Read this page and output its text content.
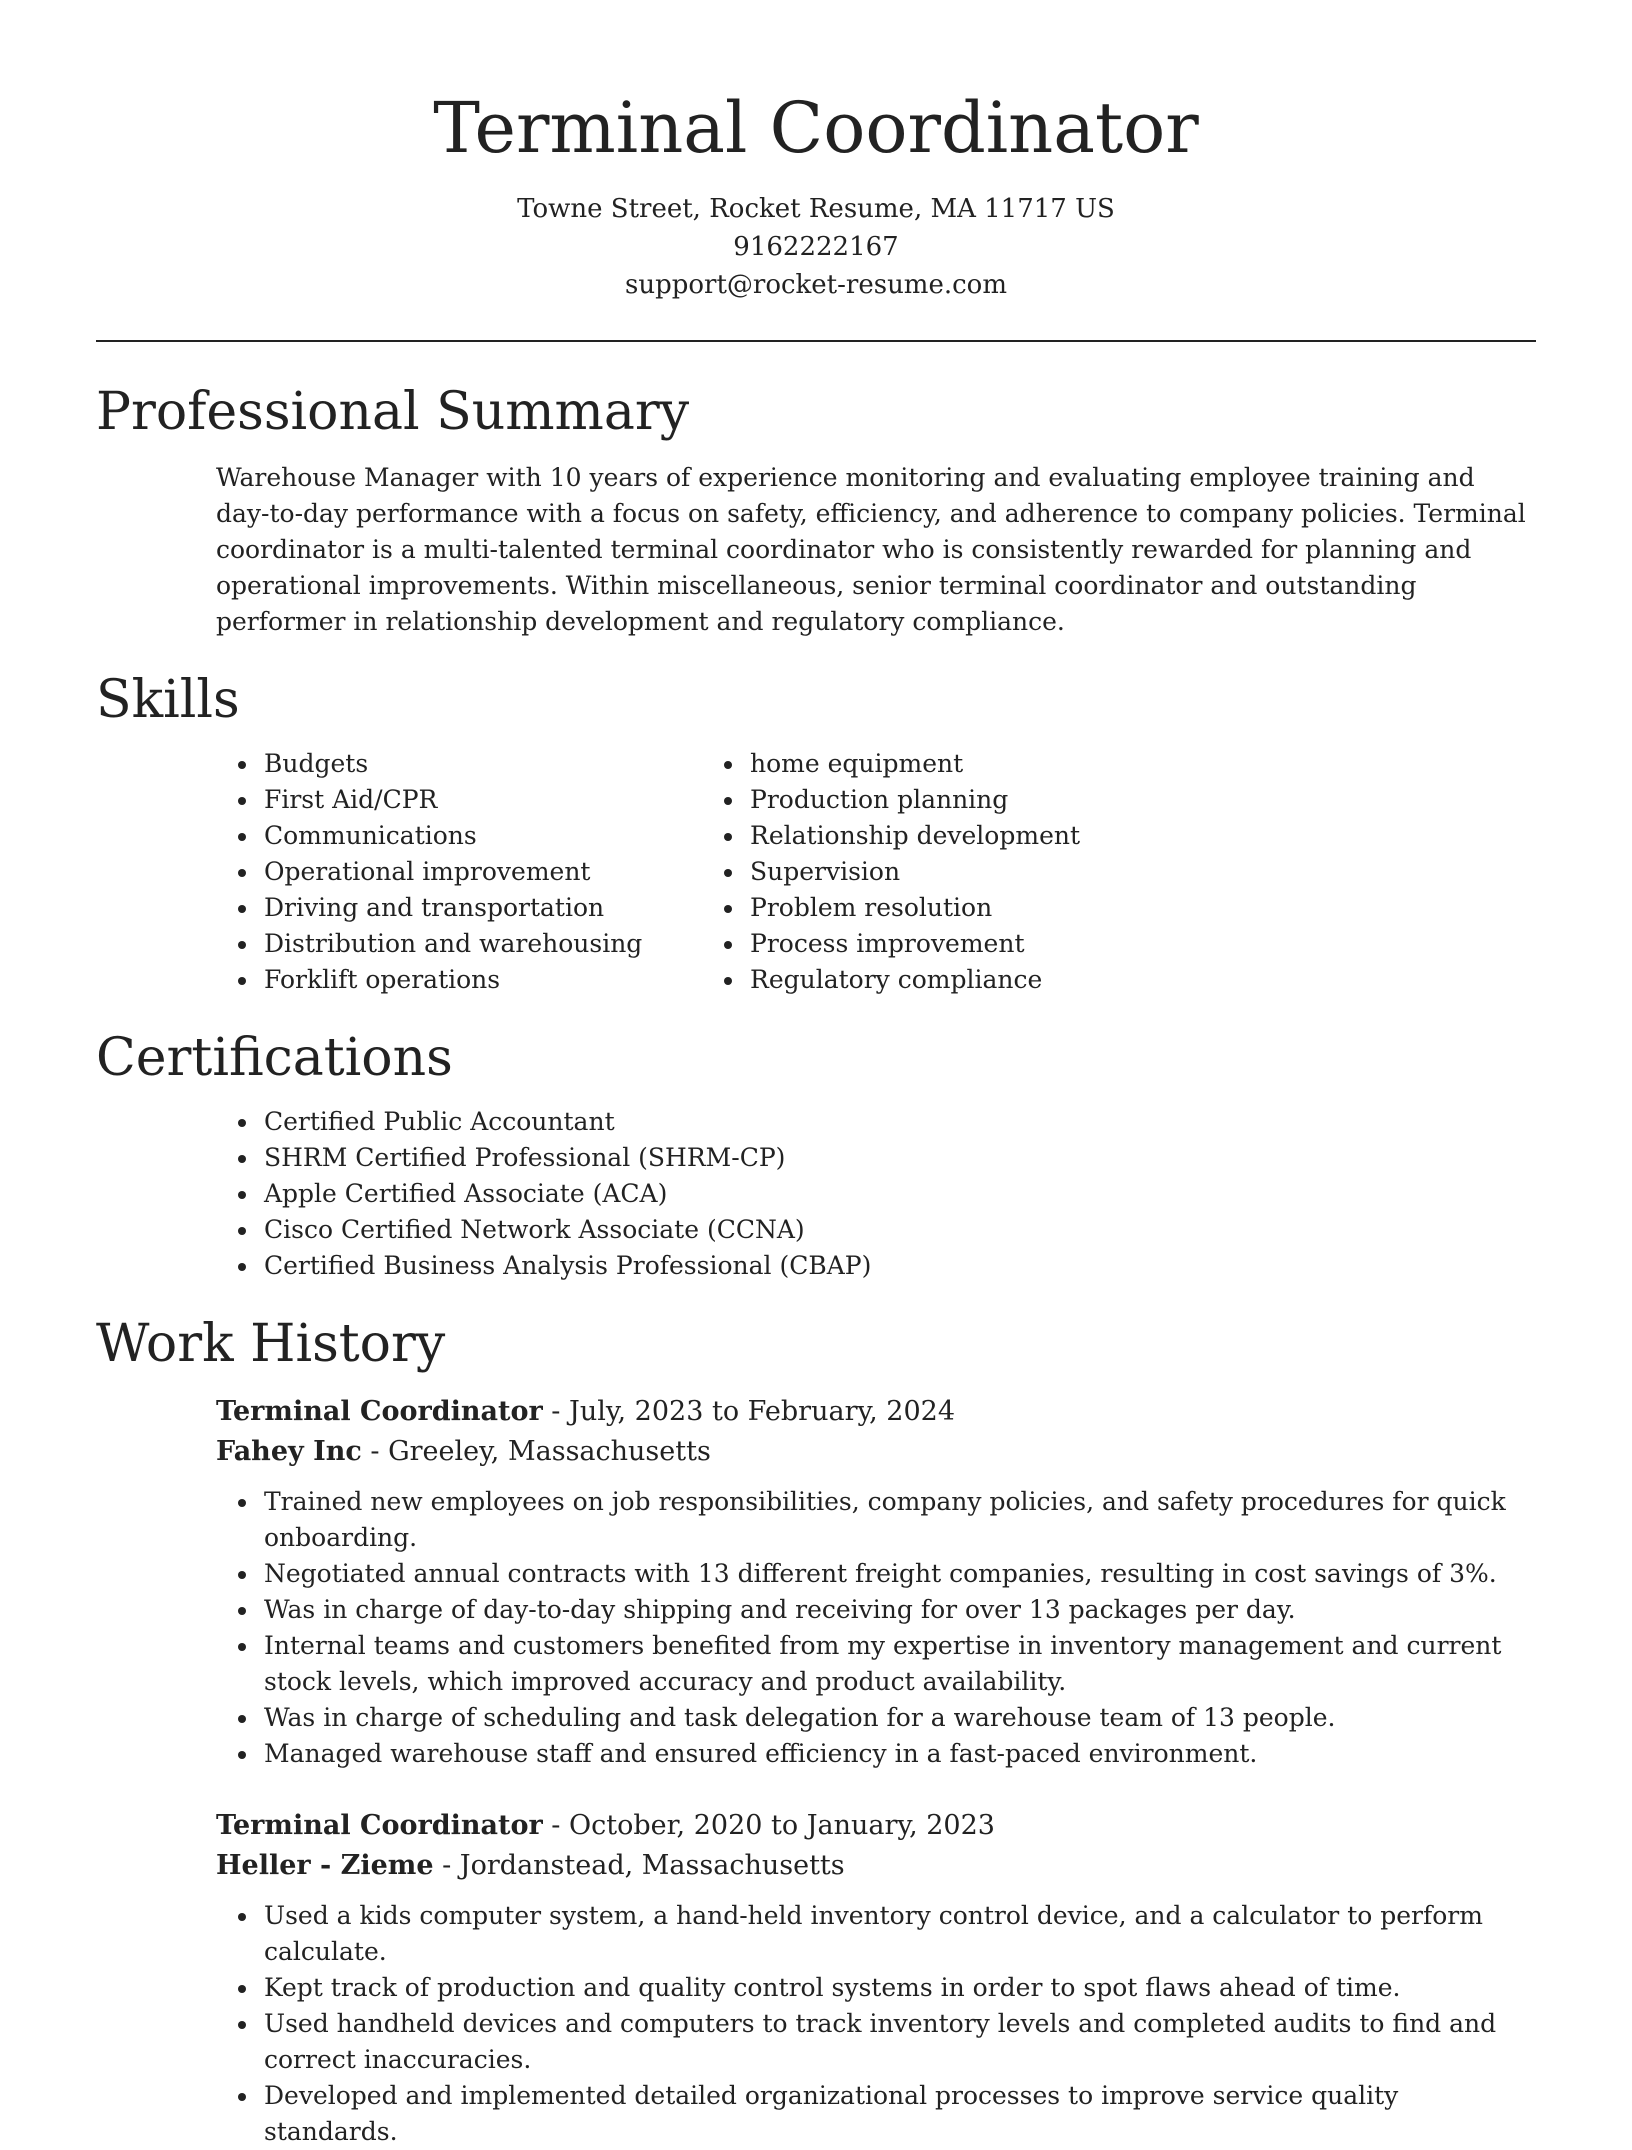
Terminal Coordinator
Towne Street, Rocket Resume, MA 11717 US
9162222167
support@rocket-resume.com
Professional Summary
Warehouse Manager with 10 years of experience monitoring and evaluating employee training and day-to-day performance with a focus on safety, efficiency, and adherence to company policies. Terminal coordinator is a multi-talented terminal coordinator who is consistently rewarded for planning and operational improvements. Within miscellaneous, senior terminal coordinator and outstanding performer in relationship development and regulatory compliance.
Skills
• Budgets
• First Aid/CPR
• Communications
• Operational improvement
• Driving and transportation
• Distribution and warehousing
• Forklift operations
• home equipment
• Production planning
• Relationship development
• Supervision
• Problem resolution
• Process improvement
• Regulatory compliance
Certifications
• Certified Public Accountant
• SHRM Certified Professional (SHRM-CP)
• Apple Certified Associate (ACA)
• Cisco Certified Network Associate (CCNA)
• Certified Business Analysis Professional (CBAP)
Work History
Terminal Coordinator - July, 2023 to February, 2024
Fahey Inc - Greeley, Massachusetts
• Trained new employees on job responsibilities, company policies, and safety procedures for quick onboarding.
• Negotiated annual contracts with 13 different freight companies, resulting in cost savings of 3%.
• Was in charge of day-to-day shipping and receiving for over 13 packages per day.
• Internal teams and customers benefited from my expertise in inventory management and current stock levels, which improved accuracy and product availability.
• Was in charge of scheduling and task delegation for a warehouse team of 13 people.
• Managed warehouse staff and ensured efficiency in a fast-paced environment.
Terminal Coordinator - October, 2020 to January, 2023
Heller - Zieme - Jordanstead, Massachusetts
• Used a kids computer system, a hand-held inventory control device, and a calculator to perform calculate.
• Kept track of production and quality control systems in order to spot flaws ahead of time.
• Used handheld devices and computers to track inventory levels and completed audits to find and correct inaccuracies.
• Developed and implemented detailed organizational processes to improve service quality standards.
